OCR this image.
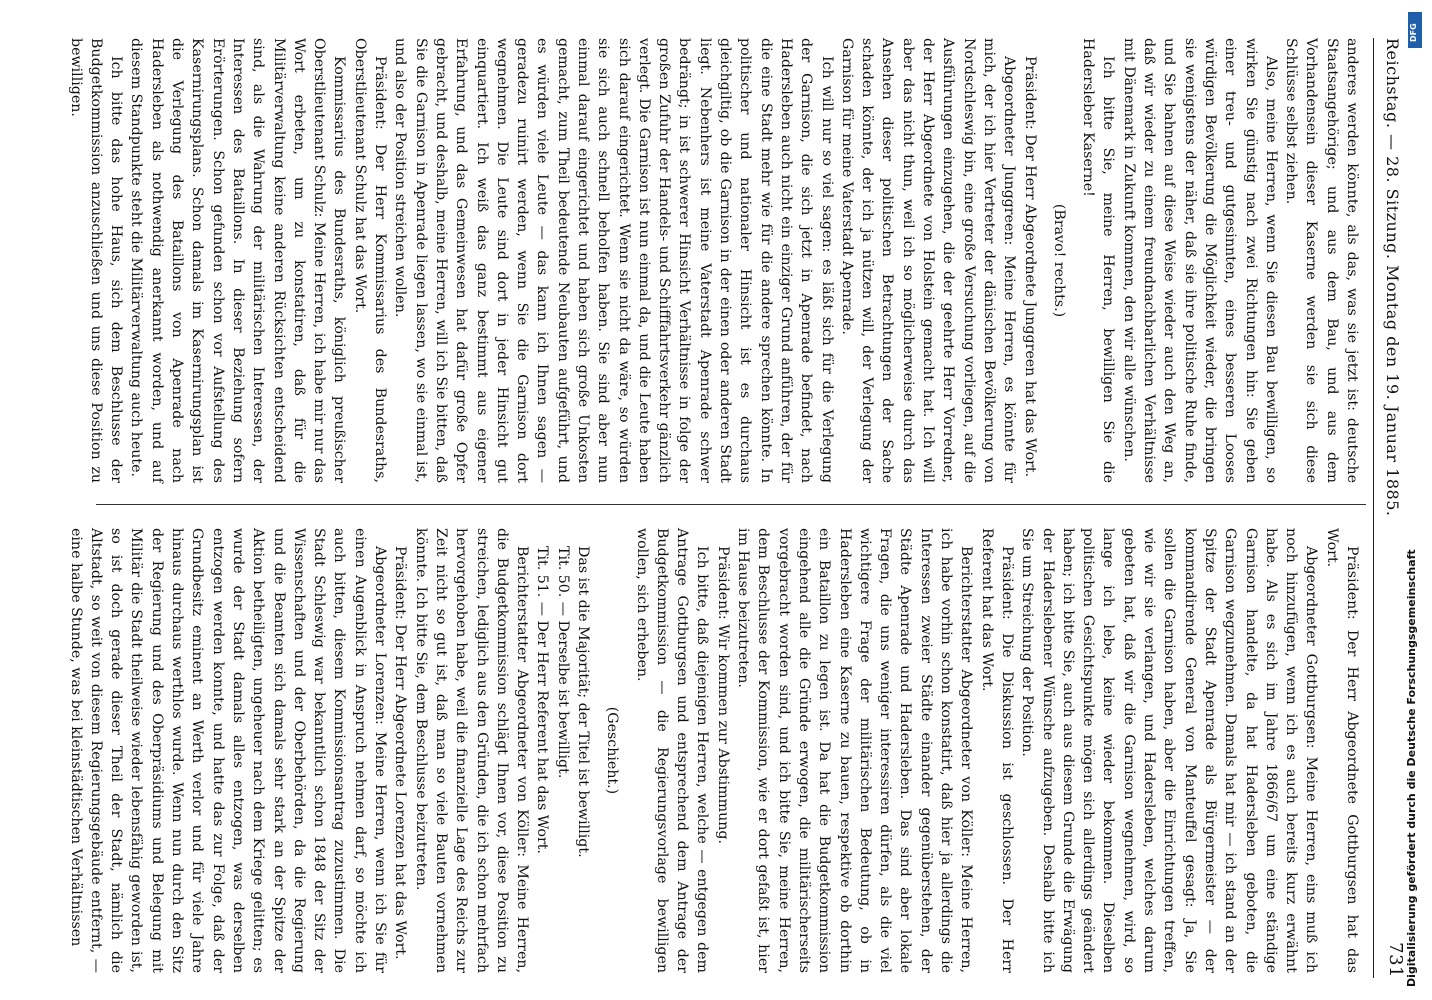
Reichstag. — 28. Sitzung. Montag den 19. Januar 1885.
731

anderes werden könnte, als das, was sie jetzt ist: deutsche Staatsangehörige; und aus dem Bau, und aus dem Vorhandensein dieser Kaserne werden sie sich diese Schlüsse selbst ziehen.

Also, meine Herren, wenn Sie diesen Bau bewilligen, so wirken Sie günstig nach zwei Richtungen hin: Sie geben einer treu- und gutgesinnten, eines besseren Looses würdigen Bevölkerung die Möglichkeit wieder, die bringen sie wenigstens der näher, daß sie ihre politische Ruhe finde, und Sie bahnen auf diese Weise wieder auch den Weg an, daß wir wieder zu einem freundnachbarlichen Verhältnisse mit Dänemark in Zukunft kommen, den wir alle wünschen.

Ich bitte Sie, meine Herren, bewilligen Sie die Hadersleber Kaserne!

(Bravo! rechts.)

Präsident: Der Herr Abgeordnete Junggreen hat das Wort.

Abgeordneter Junggreen: Meine Herren, es könnte für mich, der ich hier Vertreter der dänischen Bevölkerung von Nordschleswig bin, eine große Versuchung vorliegen, auf die Ausführungen einzugehen, die der geehrte Herr Vorredner, der Herr Abgeordnete von Holstein gemacht hat. Ich will aber das nicht thun, weil ich so möglicherweise durch das Ansehen dieser politischen Betrachtungen der Sache schaden könnte, der ich ja nützen will, der Verlegung der Garnison für meine Vaterstadt Apenrade.

Ich will nur so viel sagen: es läßt sich für die Verlegung der Garnison, die sich jetzt in Apenrade befindet, nach Hadersleben auch nicht ein einziger Grund anführen, der für die eine Stadt mehr wie für die andere sprechen könnte. In politischer und nationaler Hinsicht ist es durchaus gleichgiltig, ob die Garnison in der einen oder anderen Stadt liegt. Nebenhers ist meine Vaterstadt Apenrade schwer bedrängt; in ist schwerer Hinsicht Verhältnisse in folge der großen Zufuhr der Handels- und Schifffahrtsverkehr gänzlich verlegt. Die Garnison ist nun einmal da, und die Leute haben sich darauf eingerichtet. Wenn sie nicht da wäre, so würden sie sich auch schnell beholfen haben. Sie sind aber nun einmal darauf eingerichtet und haben sich große Unkosten gemacht, zum Theil bedeutende Neubauten aufgeführt, und es würden viele Leute — das kann ich Ihnen sagen — geradezu ruinirt werden, wenn Sie die Garnison dort wegnehmen. Die Leute sind dort in jeder Hinsicht gut einquartiert. Ich weiß das ganz bestimmt aus eigener Erfahrung, und das Gemeinwesen hat dafür große Opfer gebracht, und deshalb, meine Herren, will ich Sie bitten, daß Sie die Garnison in Apenrade liegen lassen, wo sie einmal ist, und also der Position streichen wollen.

Präsident: Der Herr Kommissarius des Bundesraths, Oberstlieutenant Schulz hat das Wort.

Kommissarius des Bundesraths, königlich preußischer Oberstlieutenant Schulz: Meine Herren, ich habe mir nur das Wort erbeten, um zu konstatiren, daß für die Militärverwaltung keine anderen Rücksichten entscheidend sind, als die Wahrung der militärischen Interessen, der Interessen des Bataillons. In dieser Beziehung sofern Erörterungen. Schon gefunden schon vor Aufstellung des Kasernirungsplans. Schon damals im Kasernirungsplan ist die Verlegung des Bataillons von Apenrade nach Hadersleben als nothwendig anerkannt worden, und auf diesem Standpunkte steht die Militärverwaltung auch heute.

Ich bitte das hohe Haus, sich dem Beschlusse der Budgetkommission anzuschließen und uns diese Position zu bewilligen.

Präsident: Der Herr Abgeordnete Gottburgsen hat das Wort.

Abgeordneter Gottburgsen: Meine Herren, eins muß ich noch hinzufügen, wenn ich es auch bereits kurz erwähnt habe. Als es sich im Jahre 1866/67 um eine ständige Garnison handelte, da hat Hadersleben geboten, die Garnison wegzunehmen. Damals hat mir — ich stand an der Spitze der Stadt Apenrade als Bürgermeister — der kommandirende General von Manteuffel gesagt: Ja, Sie sollen die Garnison haben, aber die Einrichtungen treffen, wie wir sie verlangen, und Hadersleben, welches darum gebeten hat, daß wir die Garnison wegnehmen, wird, so lange ich lebe, keine wieder bekommen. Dieselben politischen Gesichtspunkte mögen sich allerdings geändert haben; ich bitte Sie, auch aus diesem Grunde die Erwägung der Haderslebener Wünsche aufzugeben. Deshalb bitte ich Sie um Streichung der Position.

Präsident: Die Diskussion ist geschlossen. Der Herr Referent hat das Wort.

Berichterstatter Abgeordneter von Köller: Meine Herren, ich habe vorhin schon konstatirt, daß hier ja allerdings die Interessen zweier Städte einander gegenüberstehen, der Städte Apenrade und Hadersleben. Das sind aber lokale Fragen, die uns weniger interessiren dürfen, als die viel wichtigere Frage der militärischen Bedeutung, ob in Hadersleben eine Kaserne zu bauen, respektive ob dorthin ein Bataillon zu legen ist. Da hat die Budgetkommission eingehend alle die Gründe erwogen, die militärischerseits vorgebracht worden sind, und ich bitte Sie, meine Herren, dem Beschlusse der Kommission, wie er dort gefaßt ist, hier im Hause beizutreten.

Präsident: Wir kommen zur Abstimmung.

Ich bitte, daß diejenigen Herren, welche — entgegen dem Antrage Gottburgsen und entsprechend dem Antrage der Budgetkommission — die Regierungsvorlage bewilligen wollen, sich erheben.

(Geschieht.)

Das ist die Majorität; der Titel ist bewilligt.

Tit. 50. — Derselbe ist bewilligt.

Tit. 51. — Der Herr Referent hat das Wort.

Berichterstatter Abgeordneter von Köller: Meine Herren, die Budgetkommission schlägt Ihnen vor, diese Position zu streichen, lediglich aus den Gründen, die ich schon mehrfach hervorgehoben habe, weil die finanzielle Lage des Reichs zur Zeit nicht so gut ist, daß man so viele Bauten vornehmen könnte. Ich bitte Sie, dem Beschlusse beizutreten.

Präsident: Der Herr Abgeordnete Lorenzen hat das Wort.

Abgeordneter Lorenzen: Meine Herren, wenn ich Sie für einen Augenblick in Anspruch nehmen darf, so möchte ich auch bitten, diesem Kommissionsantrag zuzustimmen. Die Stadt Schleswig war bekanntlich schon 1848 der Sitz der Wissenschaften und der Oberbehörden, da die Regierung und die Beamten sich damals sehr stark an der Spitze der Aktion betheiligten, ungeheuer nach dem Kriege gelitten; es wurde der Stadt damals alles entzogen, was derselben entzogen werden konnte, und hatte das zur Folge, daß der Grundbesitz eminent an Werth verlor und für viele Jahre hinaus durchaus werthlos wurde. Wenn nun durch den Sitz der Regierung und des Oberpräsidiums und Belegung mit Militär die Stadt theilweise wieder lebensfähig geworden ist, so ist doch gerade dieser Theil der Stadt, nämlich die Altstadt, so weit von diesem Regierungsgebäude entfernt, — eine halbe Stunde, was bei kleinstädtischen Verhältnissen

DFG
Digitalisierung gefördert durch die Deutsche Forschungsgemeinschaft
